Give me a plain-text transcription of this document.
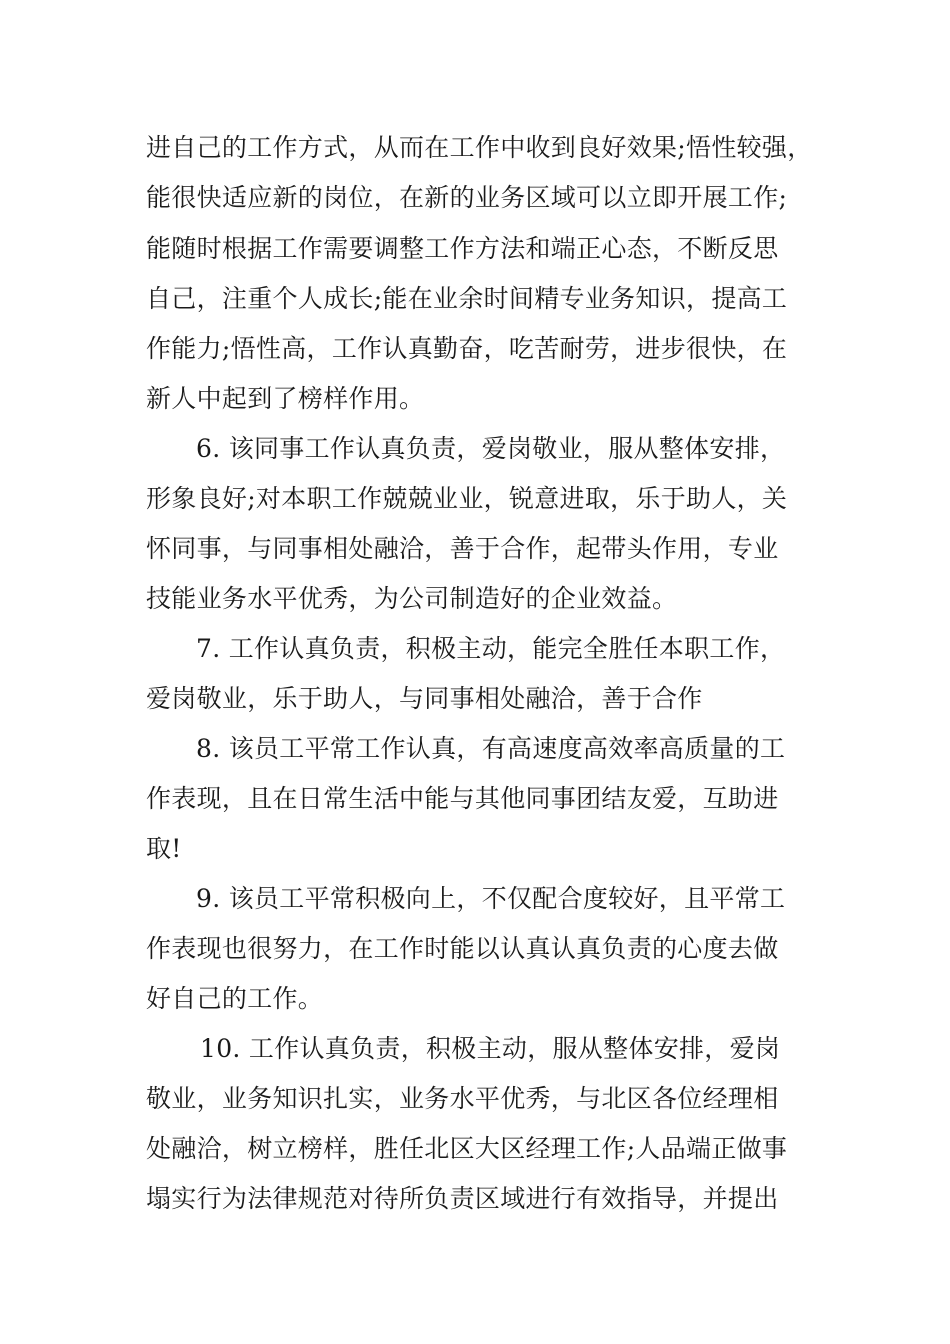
进自己的工作方式，从而在工作中收到良好效果;悟性较强，
能很快适应新的岗位，在新的业务区域可以立即开展工作;
能随时根据工作需要调整工作方法和端正心态，不断反思
自己，注重个人成长;能在业余时间精专业务知识，提高工
作能力;悟性高，工作认真勤奋，吃苦耐劳，进步很快，在
新人中起到了榜样作用。
6. 该同事工作认真负责，爱岗敬业，服从整体安排，
形象良好;对本职工作兢兢业业，锐意进取，乐于助人，关
怀同事，与同事相处融洽，善于合作，起带头作用，专业
技能业务水平优秀，为公司制造好的企业效益。
7. 工作认真负责，积极主动，能完全胜任本职工作，
爱岗敬业，乐于助人，与同事相处融洽，善于合作
8. 该员工平常工作认真，有高速度高效率高质量的工
作表现，且在日常生活中能与其他同事团结友爱，互助进
取!
9. 该员工平常积极向上，不仅配合度较好，且平常工
作表现也很努力，在工作时能以认真认真负责的心度去做
好自己的工作。
10. 工作认真负责，积极主动，服从整体安排，爱岗
敬业，业务知识扎实，业务水平优秀，与北区各位经理相
处融洽，树立榜样，胜任北区大区经理工作;人品端正做事
塌实行为法律规范对待所负责区域进行有效指导，并提出
